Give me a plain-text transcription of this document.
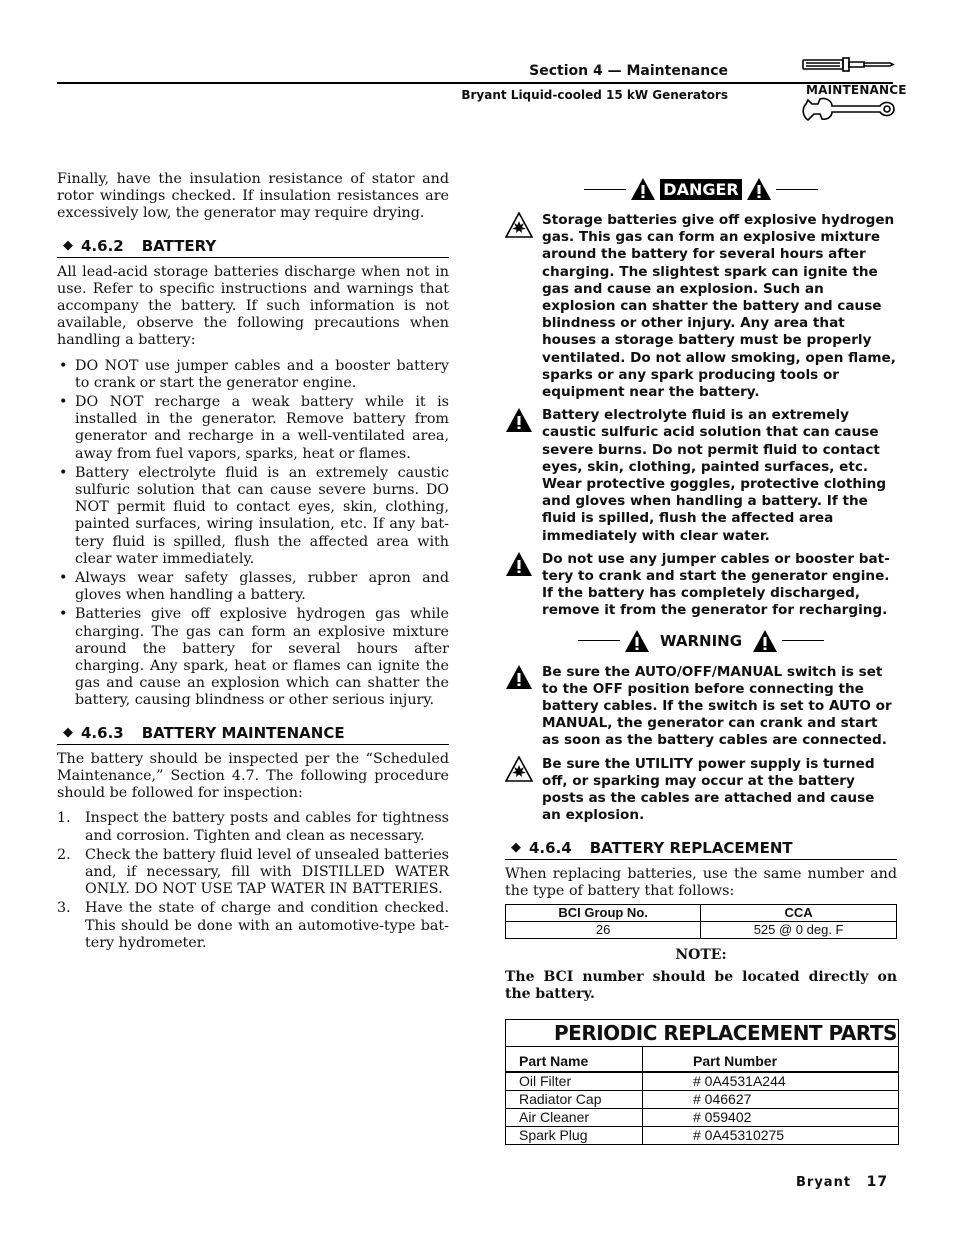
Section 4 — Maintenance
Bryant Liquid-cooled 15 kW Generators	MAINTENANCE

Finally, have the insulation resistance of stator and rotor windings checked. If insulation resistances are excessively low, the generator may require drying.

◆ 4.6.2 BATTERY

All lead-acid storage batteries discharge when not in use. Refer to specific instructions and warnings that accompany the battery. If such information is not available, observe the following precautions when handling a battery:

• DO NOT use jumper cables and a booster battery to crank or start the generator engine.
• DO NOT recharge a weak battery while it is installed in the generator. Remove battery from generator and recharge in a well-ventilated area, away from fuel vapors, sparks, heat or flames.
• Battery electrolyte fluid is an extremely caustic sulfuric solution that can cause severe burns. DO NOT permit fluid to contact eyes, skin, clothing, painted surfaces, wiring insulation, etc. If any bat-tery fluid is spilled, flush the affected area with clear water immediately.
• Always wear safety glasses, rubber apron and gloves when handling a battery.
• Batteries give off explosive hydrogen gas while charging. The gas can form an explosive mixture around the battery for several hours after charging. Any spark, heat or flames can ignite the gas and cause an explosion which can shatter the battery, causing blindness or other serious injury.
◆ 4.6.3 BATTERY MAINTENANCE

The battery should be inspected per the “Scheduled Maintenance,” Section 4.7. The following procedure should be followed for inspection:

1. Inspect the battery posts and cables for tightness and corrosion. Tighten and clean as necessary.
2. Check the battery fluid level of unsealed batteries and, if necessary, fill with DISTILLED WATER ONLY. DO NOT USE TAP WATER IN BATTERIES.
3. Have the state of charge and condition checked. This should be done with an automotive-type bat-tery hydrometer.
DANGER
Storage batteries give off explosive hydrogen gas. This gas can form an explosive mixture around the battery for several hours after charging. The slightest spark can ignite the gas and cause an explosion. Such an explosion can shatter the battery and cause blindness or other injury. Any area that houses a storage battery must be properly ventilated. Do not allow smoking, open flame, sparks or any spark producing tools or equipment near the battery.
Battery electrolyte fluid is an extremely caustic sulfuric acid solution that can cause severe burns. Do not permit fluid to contact eyes, skin, clothing, painted surfaces, etc. Wear protective goggles, protective clothing and gloves when handling a battery. If the fluid is spilled, flush the affected area immediately with clear water.
Do not use any jumper cables or booster bat-tery to crank and start the generator engine. If the battery has completely discharged, remove it from the generator for recharging.
WARNING
Be sure the AUTO/OFF/MANUAL switch is set to the OFF position before connecting the battery cables. If the switch is set to AUTO or MANUAL, the generator can crank and start as soon as the battery cables are connected.
Be sure the UTILITY power supply is turned off, or sparking may occur at the battery posts as the cables are attached and cause an explosion.
◆ 4.6.4 BATTERY REPLACEMENT

When replacing batteries, use the same number and the type of battery that follows:

BCI Group No.	CCA
26	525 @ 0 deg. F
NOTE:

The BCI number should be located directly on the battery.

PERIODIC REPLACEMENT PARTS
Part Name	Part Number
Oil Filter	# 0A4531A244
Radiator Cap	# 046627
Air Cleaner	# 059402
Spark Plug	# 0A45310275
Bryant 17
